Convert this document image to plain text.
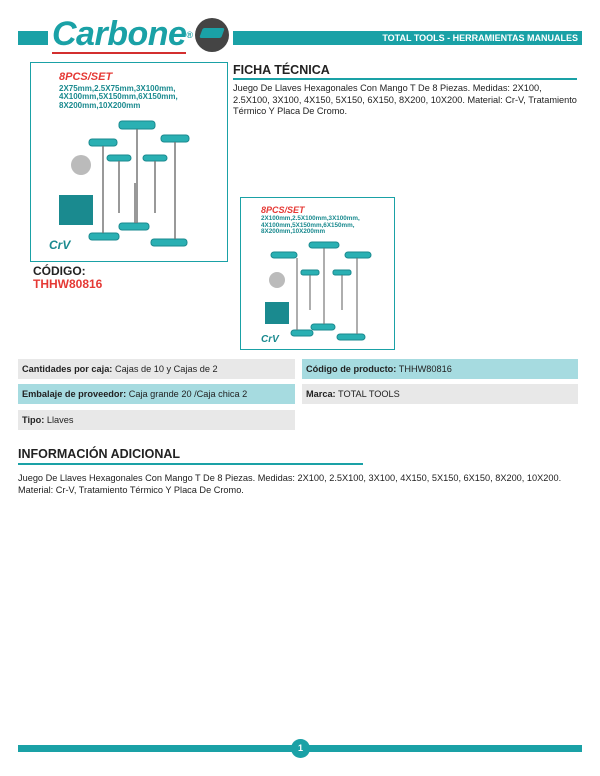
Carbone ®	TOTAL TOOLS - HERRAMIENTAS MANUALES
8PCS/SET
2X75mm,2.5X75mm,3X100mm,
4X100mm,5X150mm,6X150mm,
8X200mm,10X200mm
CrV
FICHA TÉCNICA
Juego De Llaves Hexagonales Con Mango T De 8 Piezas. Medidas: 2X100, 2.5X100, 3X100, 4X150, 5X150, 6X150, 8X200, 10X200. Material: Cr-V, Tratamiento Térmico Y Placa De Cromo.
CÓDIGO:
THHW80816
8PCS/SET
2X100mm,2.5X100mm,3X100mm,
4X100mm,5X150mm,6X150mm,
8X200mm,10X200mm
CrV
Cantidades por caja: Cajas de 10 y Cajas de 2	Código de producto: THHW80816
Embalaje de proveedor: Caja grande 20 /Caja chica 2	Marca: TOTAL TOOLS
Tipo: Llaves
INFORMACIÓN ADICIONAL
Juego De Llaves Hexagonales Con Mango T De 8 Piezas. Medidas: 2X100, 2.5X100, 3X100, 4X150, 5X150, 6X150, 8X200, 10X200. Material: Cr-V, Tratamiento Térmico Y Placa De Cromo.
1
